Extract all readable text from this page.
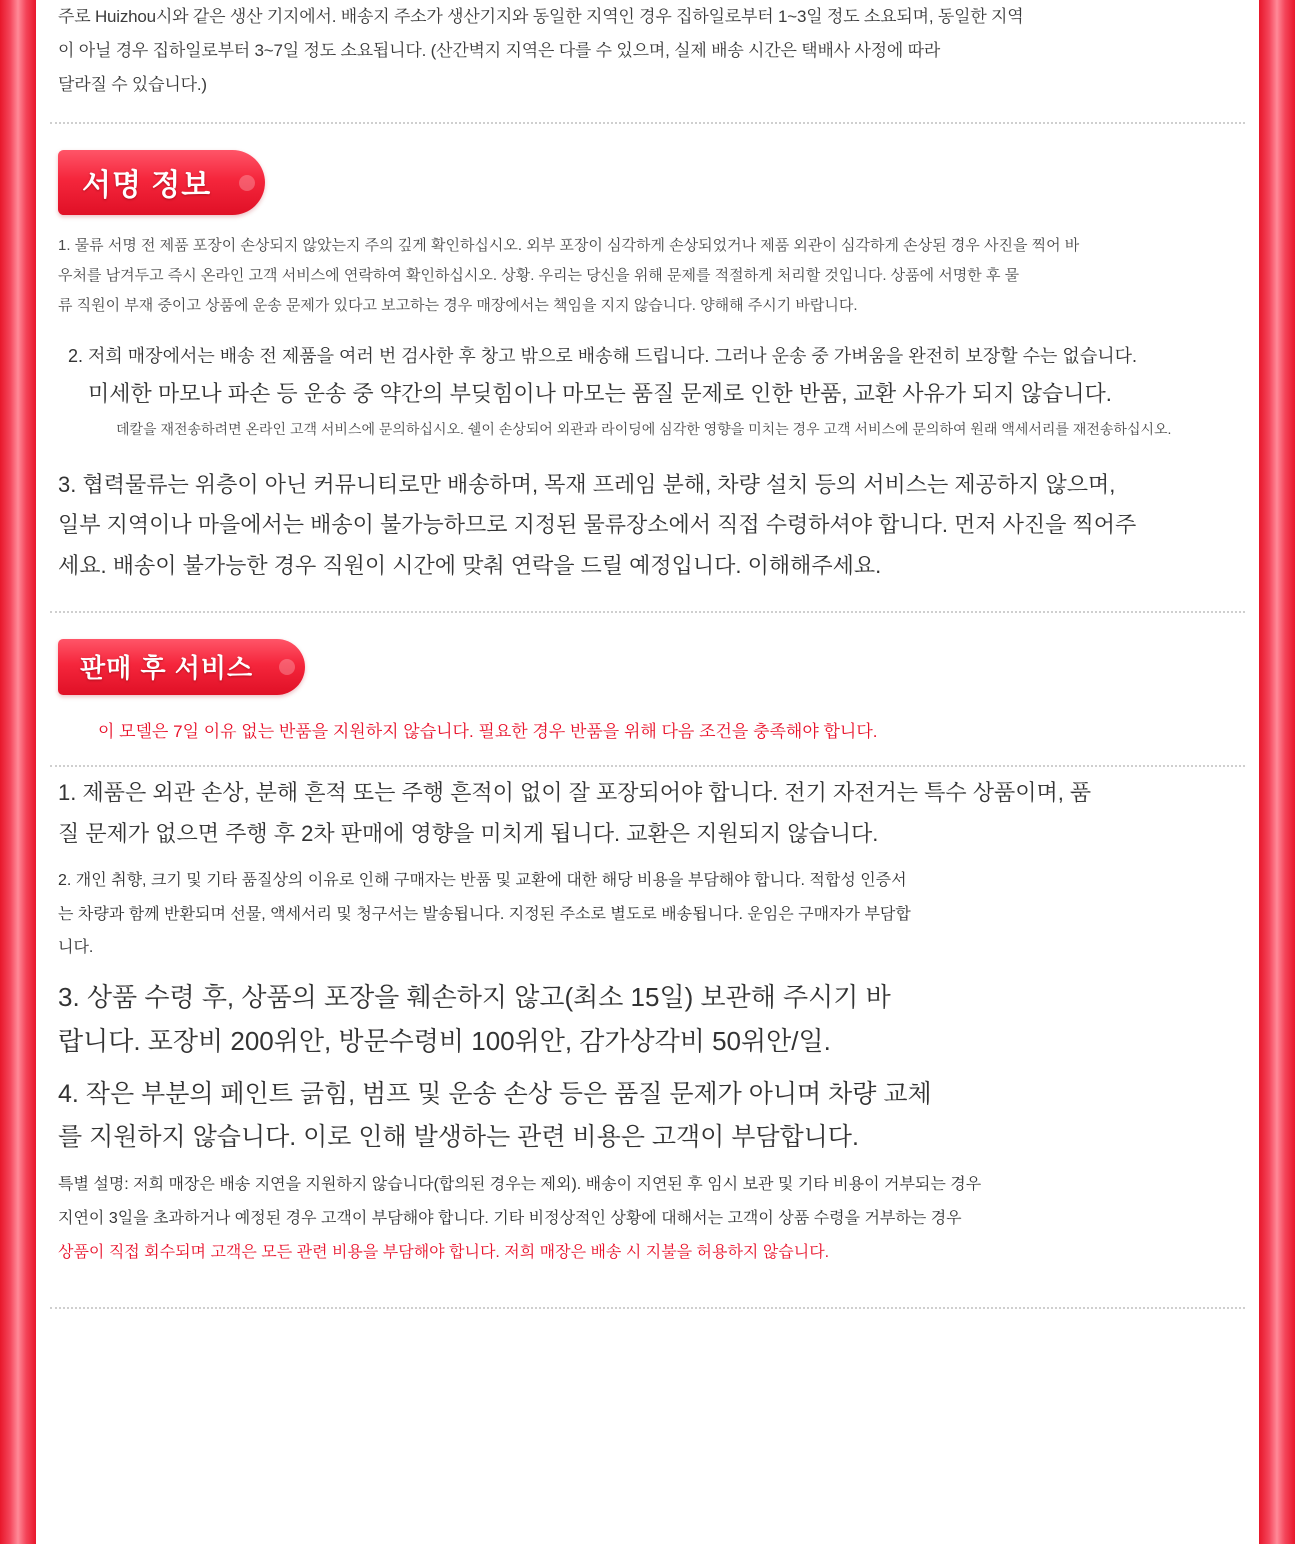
주로 Huizhou시와 같은 생산 기지에서. 배송지 주소가 생산기지와 동일한 지역인 경우 집하일로부터 1~3일 정도 소요되며, 동일한 지역

이 아닐 경우 집하일로부터 3~7일 정도 소요됩니다. (산간벽지 지역은 다를 수 있으며, 실제 배송 시간은 택배사 사정에 따라

달라질 수 있습니다.)

서명 정보

1. 물류 서명 전 제품 포장이 손상되지 않았는지 주의 깊게 확인하십시오. 외부 포장이 심각하게 손상되었거나 제품 외관이 심각하게 손상된 경우 사진을 찍어 바

우처를 남겨두고 즉시 온라인 고객 서비스에 연락하여 확인하십시오. 상황. 우리는 당신을 위해 문제를 적절하게 처리할 것입니다. 상품에 서명한 후 물

류 직원이 부재 중이고 상품에 운송 문제가 있다고 보고하는 경우 매장에서는 책임을 지지 않습니다. 양해해 주시기 바랍니다.

2. 저희 매장에서는 배송 전 제품을 여러 번 검사한 후 창고 밖으로 배송해 드립니다. 그러나 운송 중 가벼움을 완전히 보장할 수는 없습니다.

미세한 마모나 파손 등 운송 중 약간의 부딪힘이나 마모는 품질 문제로 인한 반품, 교환 사유가 되지 않습니다.

데칼을 재전송하려면 온라인 고객 서비스에 문의하십시오. 쉘이 손상되어 외관과 라이딩에 심각한 영향을 미치는 경우 고객 서비스에 문의하여 원래 액세서리를 재전송하십시오.

3. 협력물류는 위층이 아닌 커뮤니티로만 배송하며, 목재 프레임 분해, 차량 설치 등의 서비스는 제공하지 않으며,

일부 지역이나 마을에서는 배송이 불가능하므로 지정된 물류장소에서 직접 수령하셔야 합니다. 먼저 사진을 찍어주

세요. 배송이 불가능한 경우 직원이 시간에 맞춰 연락을 드릴 예정입니다. 이해해주세요.

판매 후 서비스
이 모델은 7일 이유 없는 반품을 지원하지 않습니다. 필요한 경우 반품을 위해 다음 조건을 충족해야 합니다.

1. 제품은 외관 손상, 분해 흔적 또는 주행 흔적이 없이 잘 포장되어야 합니다. 전기 자전거는 특수 상품이며, 품

질 문제가 없으면 주행 후 2차 판매에 영향을 미치게 됩니다. 교환은 지원되지 않습니다.

2. 개인 취향, 크기 및 기타 품질상의 이유로 인해 구매자는 반품 및 교환에 대한 해당 비용을 부담해야 합니다. 적합성 인증서

는 차량과 함께 반환되며 선물, 액세서리 및 청구서는 발송됩니다. 지정된 주소로 별도로 배송됩니다. 운임은 구매자가 부담합

니다.

3. 상품 수령 후, 상품의 포장을 훼손하지 않고(최소 15일) 보관해 주시기 바

랍니다. 포장비 200위안, 방문수령비 100위안, 감가상각비 50위안/일.

4. 작은 부분의 페인트 긁힘, 범프 및 운송 손상 등은 품질 문제가 아니며 차량 교체

를 지원하지 않습니다. 이로 인해 발생하는 관련 비용은 고객이 부담합니다.

특별 설명: 저희 매장은 배송 지연을 지원하지 않습니다(합의된 경우는 제외). 배송이 지연된 후 임시 보관 및 기타 비용이 거부되는 경우

지연이 3일을 초과하거나 예정된 경우 고객이 부담해야 합니다. 기타 비정상적인 상황에 대해서는 고객이 상품 수령을 거부하는 경우

상품이 직접 회수되며 고객은 모든 관련 비용을 부담해야 합니다. 저희 매장은 배송 시 지불을 허용하지 않습니다.
